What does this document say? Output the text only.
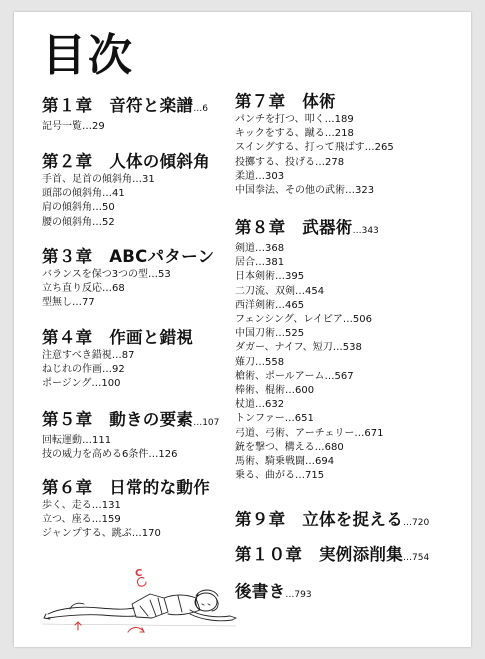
目次
第１章　音符と楽譜…6
記号一覧…29
第２章　人体の傾斜角
手首、足首の傾斜角…31
頭部の傾斜角…41
肩の傾斜角…50
腰の傾斜角…52
第３章　ABCパターン
バランスを保つ3つの型…53
立ち直り反応…68
型無し…77
第４章　作画と錯視
注意すべき錯視…87
ねじれの作画…92
ポージング…100
第５章　動きの要素…107
回転運動…111
技の威力を高める6条件…126
第６章　日常的な動作
歩く、走る…131
立つ、座る…159
ジャンプする、跳ぶ…170
第７章　体術
パンチを打つ、叩く…189
キックをする、蹴る…218
スイングする、打って飛ばす…265
投擲する、投げる…278
柔道…303
中国拳法、その他の武術…323
第８章　武器術…343
剣道…368
居合…381
日本剣術…395
二刀流、双剣…454
西洋剣術…465
フェンシング、レイピア…506
中国刀術…525
ダガー、ナイフ、短刀…538
薙刀…558
槍術、ポールアーム…567
棒術、棍術…600
杖道…632
トンファー…651
弓道、弓術、アーチェリー…671
銃を撃つ、構える…680
馬術、騎乗戦闘…694
乗る、曲がる…715
第９章　立体を捉える…720
第１０章　実例添削集…754
後書き…793
C
